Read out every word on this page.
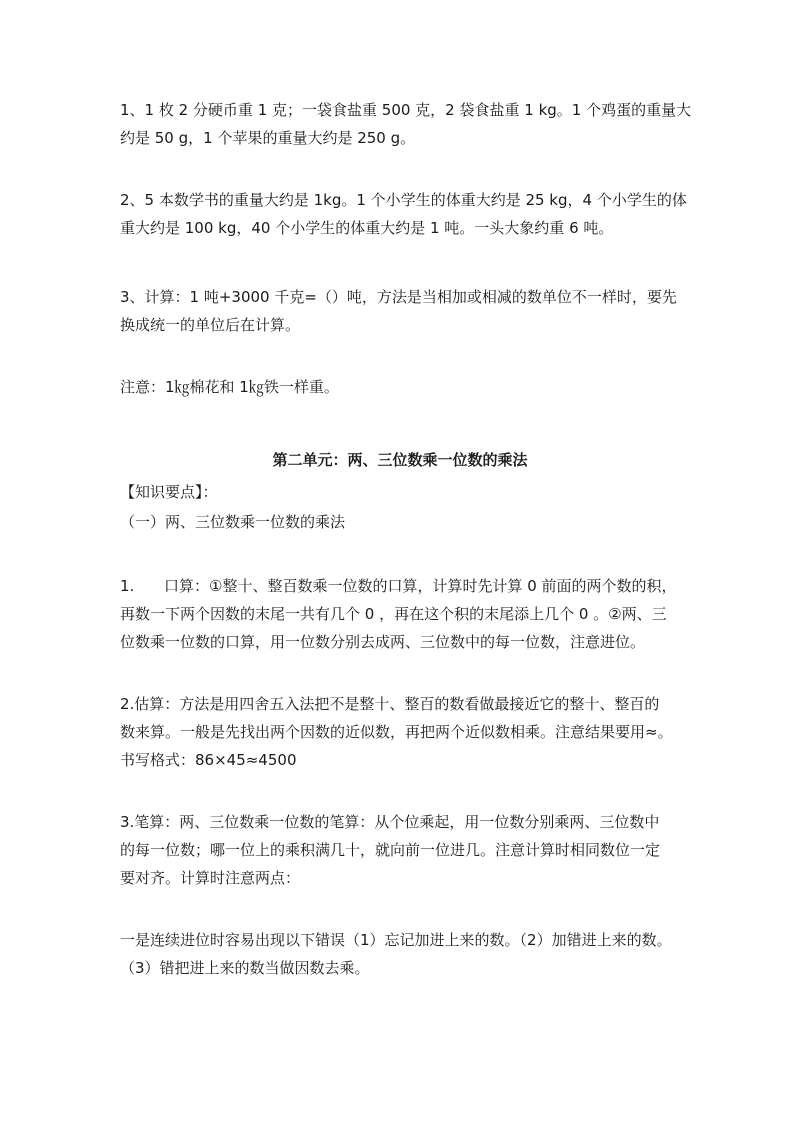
1、1 枚 2 分硬币重 1 克；一袋食盐重 500 克，2 袋食盐重 1 kg。1 个鸡蛋的重量大
约是 50 g，1 个苹果的重量大约是 250 g。
2、5 本数学书的重量大约是 1kg。1 个小学生的体重大约是 25 kg，4 个小学生的体
重大约是 100 kg，40 个小学生的体重大约是 1 吨。一头大象约重 6 吨。
3、计算：1 吨+3000 千克=（）吨，方法是当相加或相减的数单位不一样时，要先
换成统一的单位后在计算。
注意：1㎏棉花和 1㎏铁一样重。
第二单元：两、三位数乘一位数的乘法
【知识要点】：
（一）两、三位数乘一位数的乘法
1. 口算：①整十、整百数乘一位数的口算，计算时先计算 0 前面的两个数的积，
再数一下两个因数的末尾一共有几个 0 ，再在这个积的末尾添上几个 0 。②两、三
位数乘一位数的口算，用一位数分别去成两、三位数中的每一位数，注意进位。
2.估算：方法是用四舍五入法把不是整十、整百的数看做最接近它的整十、整百的
数来算。一般是先找出两个因数的近似数，再把两个近似数相乘。注意结果要用≈。
书写格式：86×45≈4500
3.笔算：两、三位数乘一位数的笔算：从个位乘起，用一位数分别乘两、三位数中
的每一位数；哪一位上的乘积满几十，就向前一位进几。注意计算时相同数位一定
要对齐。计算时注意两点：
一是连续进位时容易出现以下错误（1）忘记加进上来的数。（2）加错进上来的数。
（3）错把进上来的数当做因数去乘。
